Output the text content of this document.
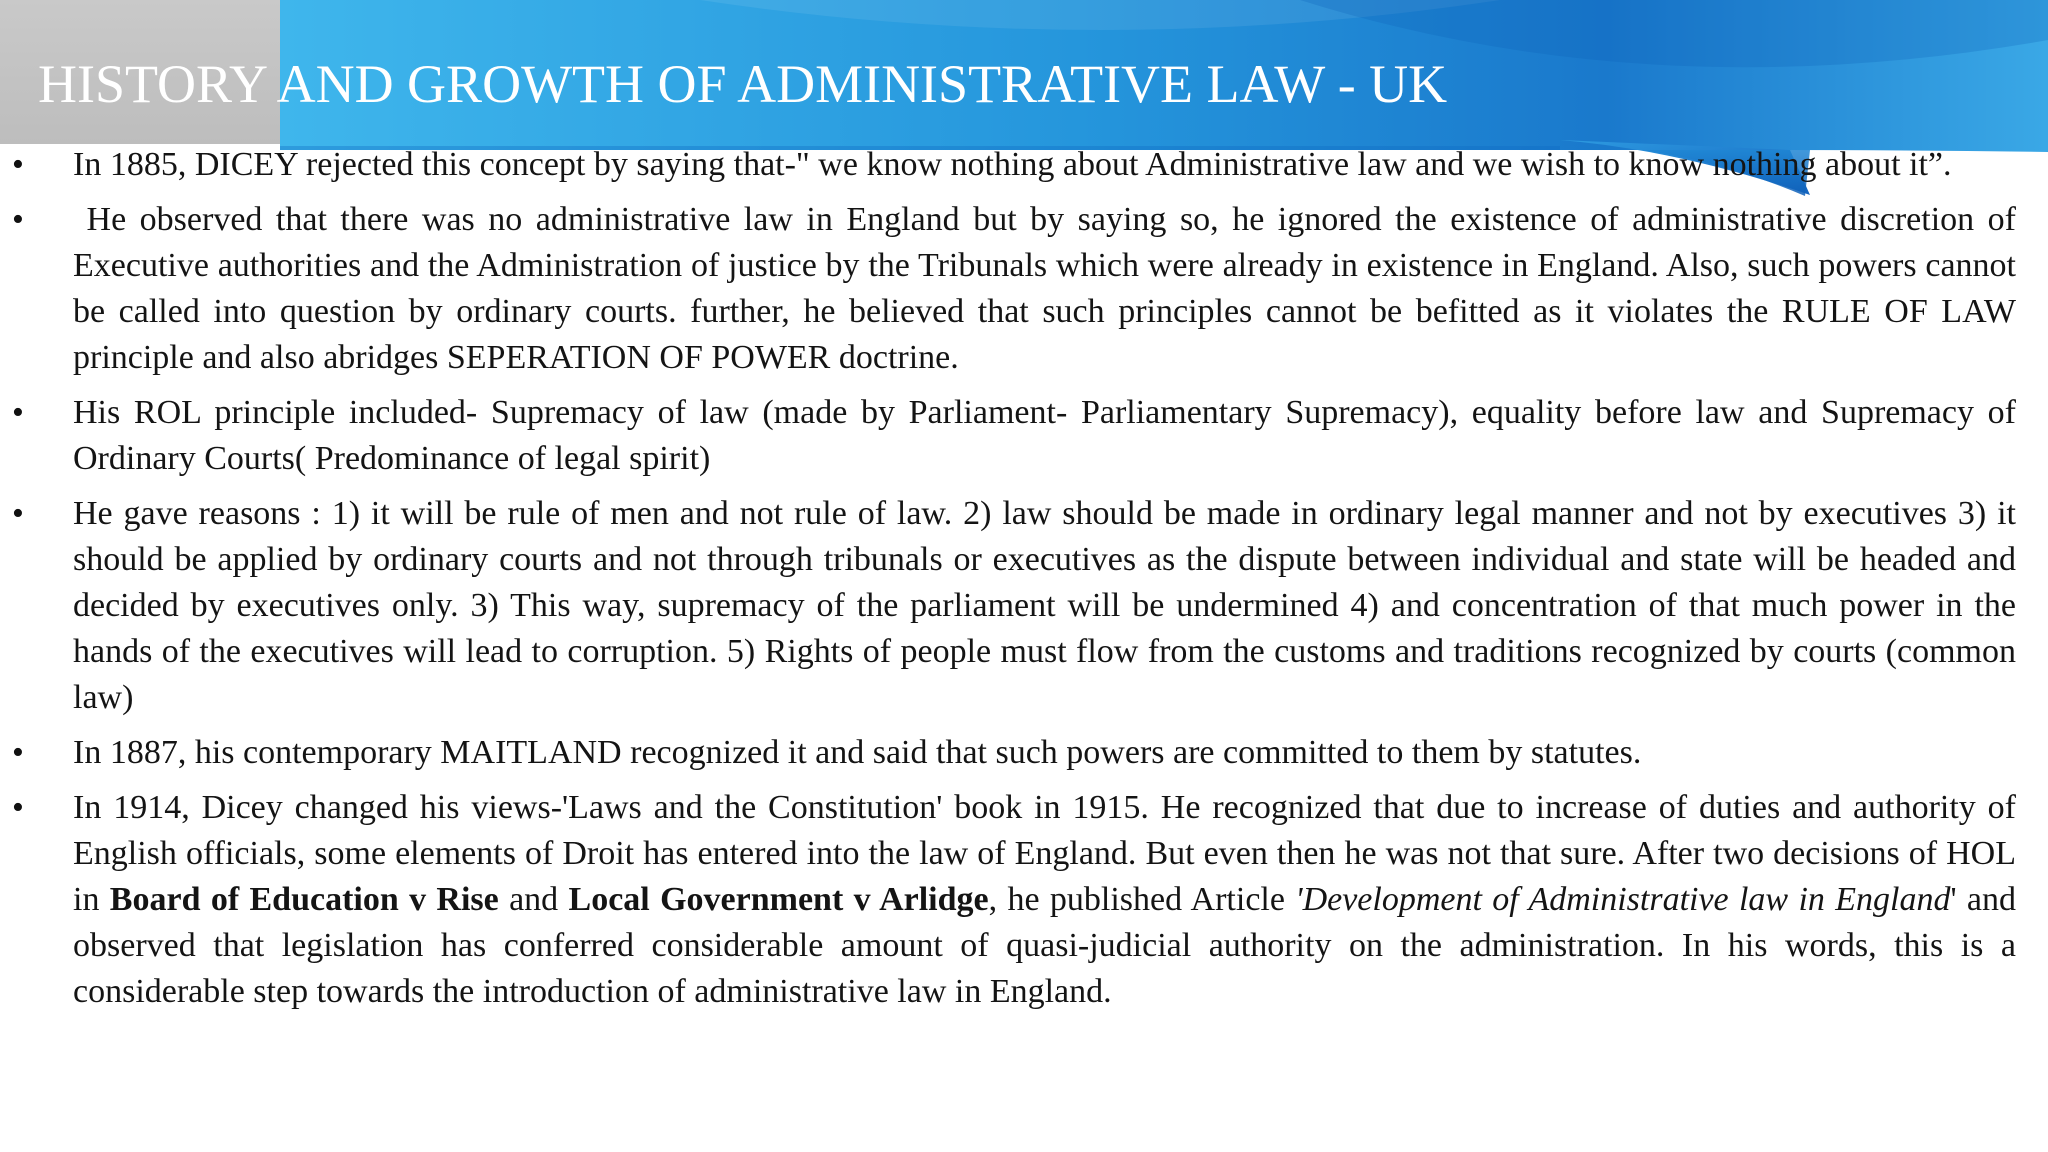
HISTORY AND GROWTH OF ADMINISTRATIVE LAW - UK
• In 1885, DICEY rejected this concept by saying that-" we know nothing about Administrative law and we wish to know nothing about it”.
• He observed that there was no administrative law in England but by saying so, he ignored the existence of administrative discretion of Executive authorities and the Administration of justice by the Tribunals which were already in existence in England. Also, such powers cannot be called into question by ordinary courts. further, he believed that such principles cannot be befitted as it violates the RULE OF LAW principle and also abridges SEPERATION OF POWER doctrine.
• His ROL principle included- Supremacy of law (made by Parliament- Parliamentary Supremacy), equality before law and Supremacy of Ordinary Courts( Predominance of legal spirit)
• He gave reasons : 1) it will be rule of men and not rule of law. 2) law should be made in ordinary legal manner and not by executives 3) it should be applied by ordinary courts and not through tribunals or executives as the dispute between individual and state will be headed and decided by executives only. 3) This way, supremacy of the parliament will be undermined 4) and concentration of that much power in the hands of the executives will lead to corruption. 5) Rights of people must flow from the customs and traditions recognized by courts (common law)
• In 1887, his contemporary MAITLAND recognized it and said that such powers are committed to them by statutes.
• In 1914, Dicey changed his views-'Laws and the Constitution' book in 1915. He recognized that due to increase of duties and authority of English officials, some elements of Droit has entered into the law of England. But even then he was not that sure. After two decisions of HOL in Board of Education v Rise and Local Government v Arlidge, he published Article 'Development of Administrative law in England' and observed that legislation has conferred considerable amount of quasi-judicial authority on the administration. In his words, this is a considerable step towards the introduction of administrative law in England.
